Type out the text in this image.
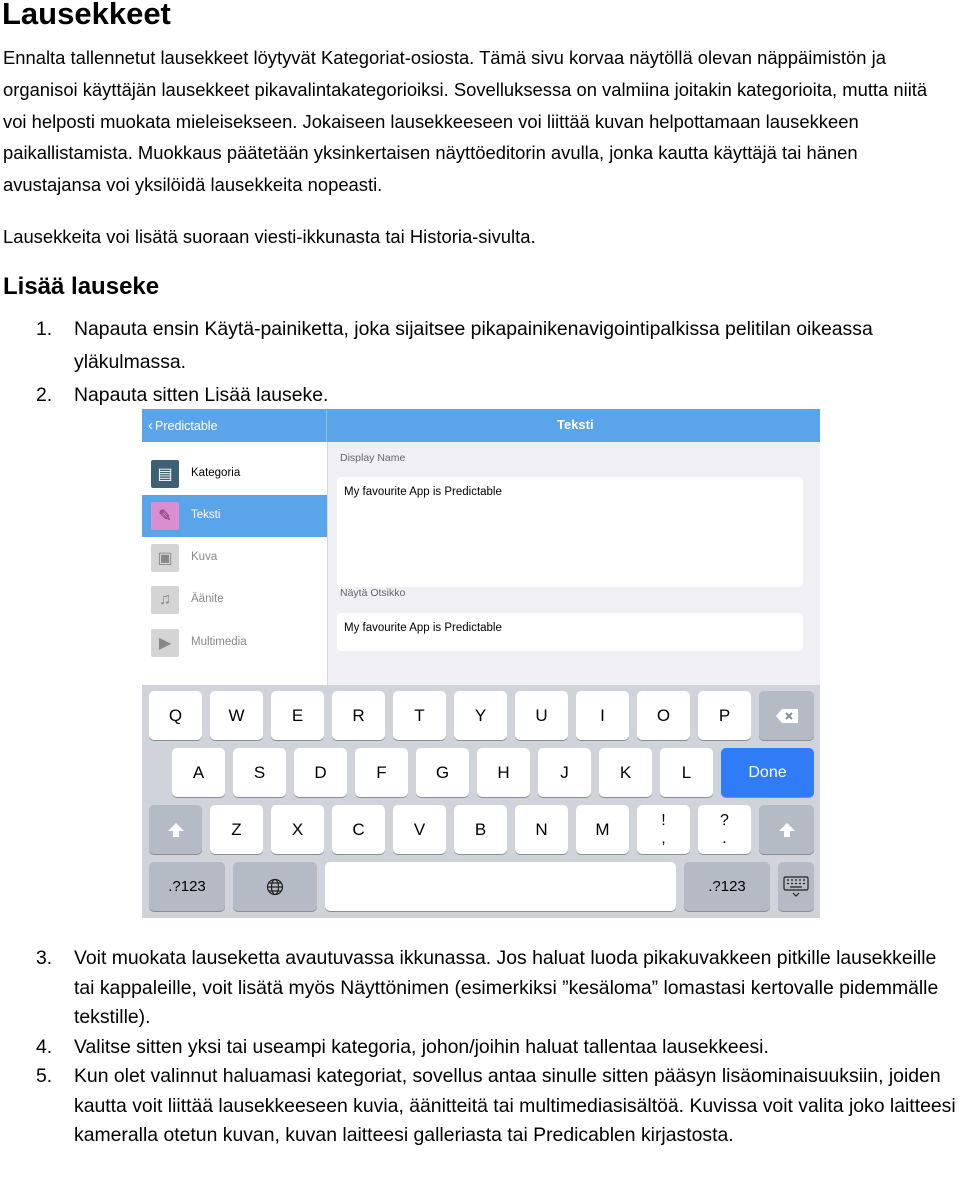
Lausekkeet

Ennalta tallennetut lausekkeet löytyvät Kategoriat-osiosta. Tämä sivu korvaa näytöllä olevan näppäimistön ja organisoi käyttäjän lausekkeet pikavalintakategorioiksi. Sovelluksessa on valmiina joitakin kategorioita, mutta niitä voi helposti muokata mieleisekseen. Jokaiseen lausekkeeseen voi liittää kuvan helpottamaan lausekkeen paikallistamista. Muokkaus päätetään yksinkertaisen näyttöeditorin avulla, jonka kautta käyttäjä tai hänen avustajansa voi yksilöidä lausekkeita nopeasti.

Lausekkeita voi lisätä suoraan viesti-ikkunasta tai Historia-sivulta.

Lisää lauseke
1. Napauta ensin Käytä-painiketta, joka sijaitsee pikapainikenavigointipalkissa pelitilan oikeassa yläkulmassa.
2. Napauta sitten Lisää lauseke.
‹ Predictable	Teksti
▤	Kategoria
✎	Teksti
▣	Kuva
♫	Äänite
▶	Multimedia
Display Name
My favourite App is Predictable
Näytä Otsikko
My favourite App is Predictable
Q	W	E	R	T	Y	U	I	O	P
A	S	D	F	G	H	J	K	L	Done
Z	X	C	V	B	N	M	!
,
?
.
.?123	.?123
3. Voit muokata lauseketta avautuvassa ikkunassa. Jos haluat luoda pikakuvakkeen pitkille lausekkeille tai kappaleille, voit lisätä myös Näyttönimen (esimerkiksi ”kesäloma” lomastasi kertovalle pidemmälle tekstille).
4. Valitse sitten yksi tai useampi kategoria, johon/joihin haluat tallentaa lausekkeesi.
5. Kun olet valinnut haluamasi kategoriat, sovellus antaa sinulle sitten pääsyn lisäominaisuuksiin, joiden kautta voit liittää lausekkeeseen kuvia, äänitteitä tai multimediasisältöä. Kuvissa voit valita joko laitteesi kameralla otetun kuvan, kuvan laitteesi galleriasta tai Predicablen kirjastosta.
